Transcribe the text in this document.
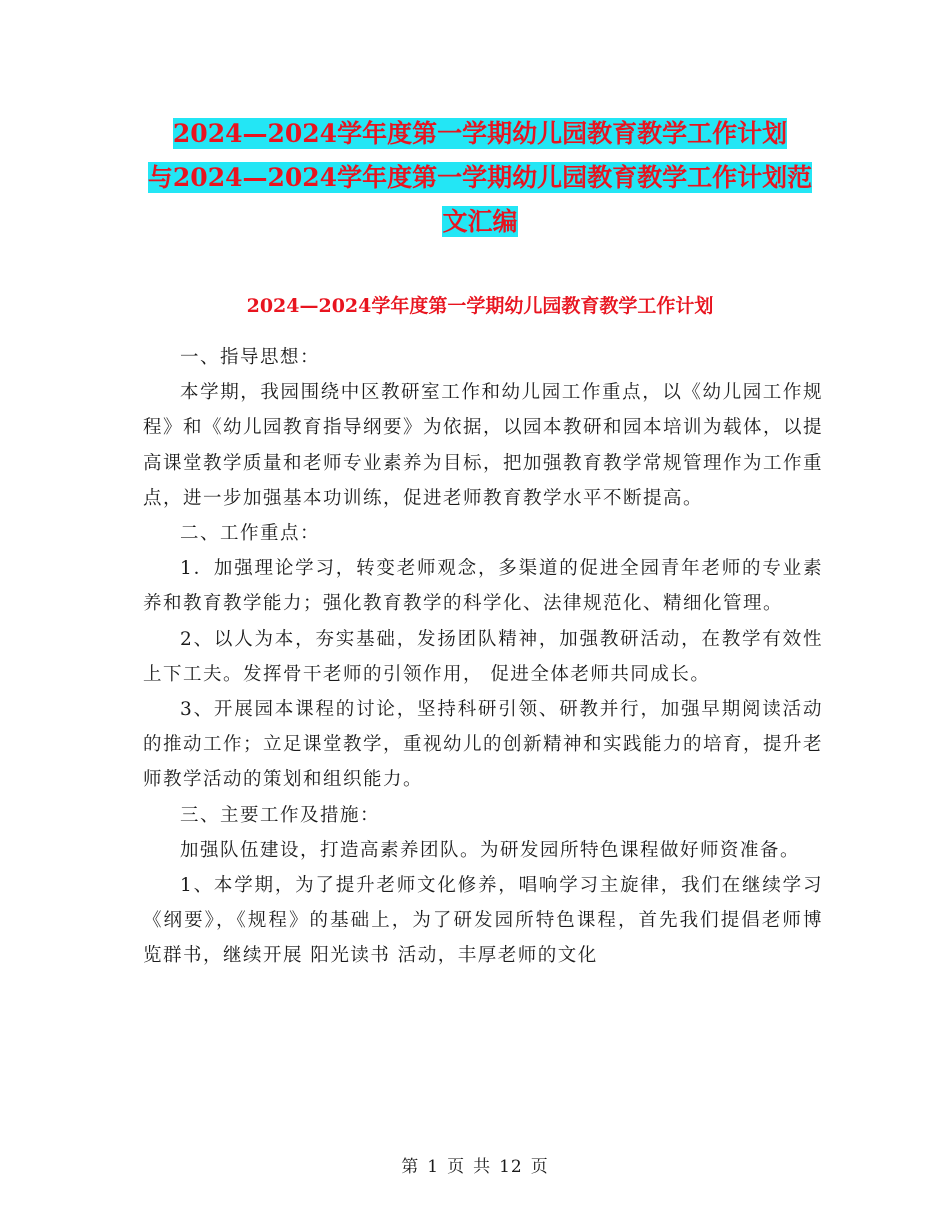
2024—2024学年度第一学期幼儿园教育教学工作计划
与2024—2024学年度第一学期幼儿园教育教学工作计划范
文汇编
2024—2024学年度第一学期幼儿园教育教学工作计划

一、指导思想：

本学期，我园围绕中区教研室工作和幼儿园工作重点，以《幼儿园工作规程》和《幼儿园教育指导纲要》为依据，以园本教研和园本培训为载体，以提高课堂教学质量和老师专业素养为目标，把加强教育教学常规管理作为工作重点，进一步加强基本功训练，促进老师教育教学水平不断提高。

二、工作重点：

1．加强理论学习，转变老师观念，多渠道的促进全园青年老师的专业素养和教育教学能力；强化教育教学的科学化、法律规范化、精细化管理。

2、以人为本，夯实基础，发扬团队精神，加强教研活动，在教学有效性上下工夫。发挥骨干老师的引领作用， 促进全体老师共同成长。

3、开展园本课程的讨论，坚持科研引领、研教并行，加强早期阅读活动的推动工作；立足课堂教学，重视幼儿的创新精神和实践能力的培育，提升老师教学活动的策划和组织能力。

三、主要工作及措施：

加强队伍建设，打造高素养团队。为研发园所特色课程做好师资准备。

1、本学期，为了提升老师文化修养，唱响学习主旋律，我们在继续学习《纲要》，《规程》的基础上，为了研发园所特色课程，首先我们提倡老师博览群书，继续开展 阳光读书 活动，丰厚老师的文化

第 1 页 共 12 页
